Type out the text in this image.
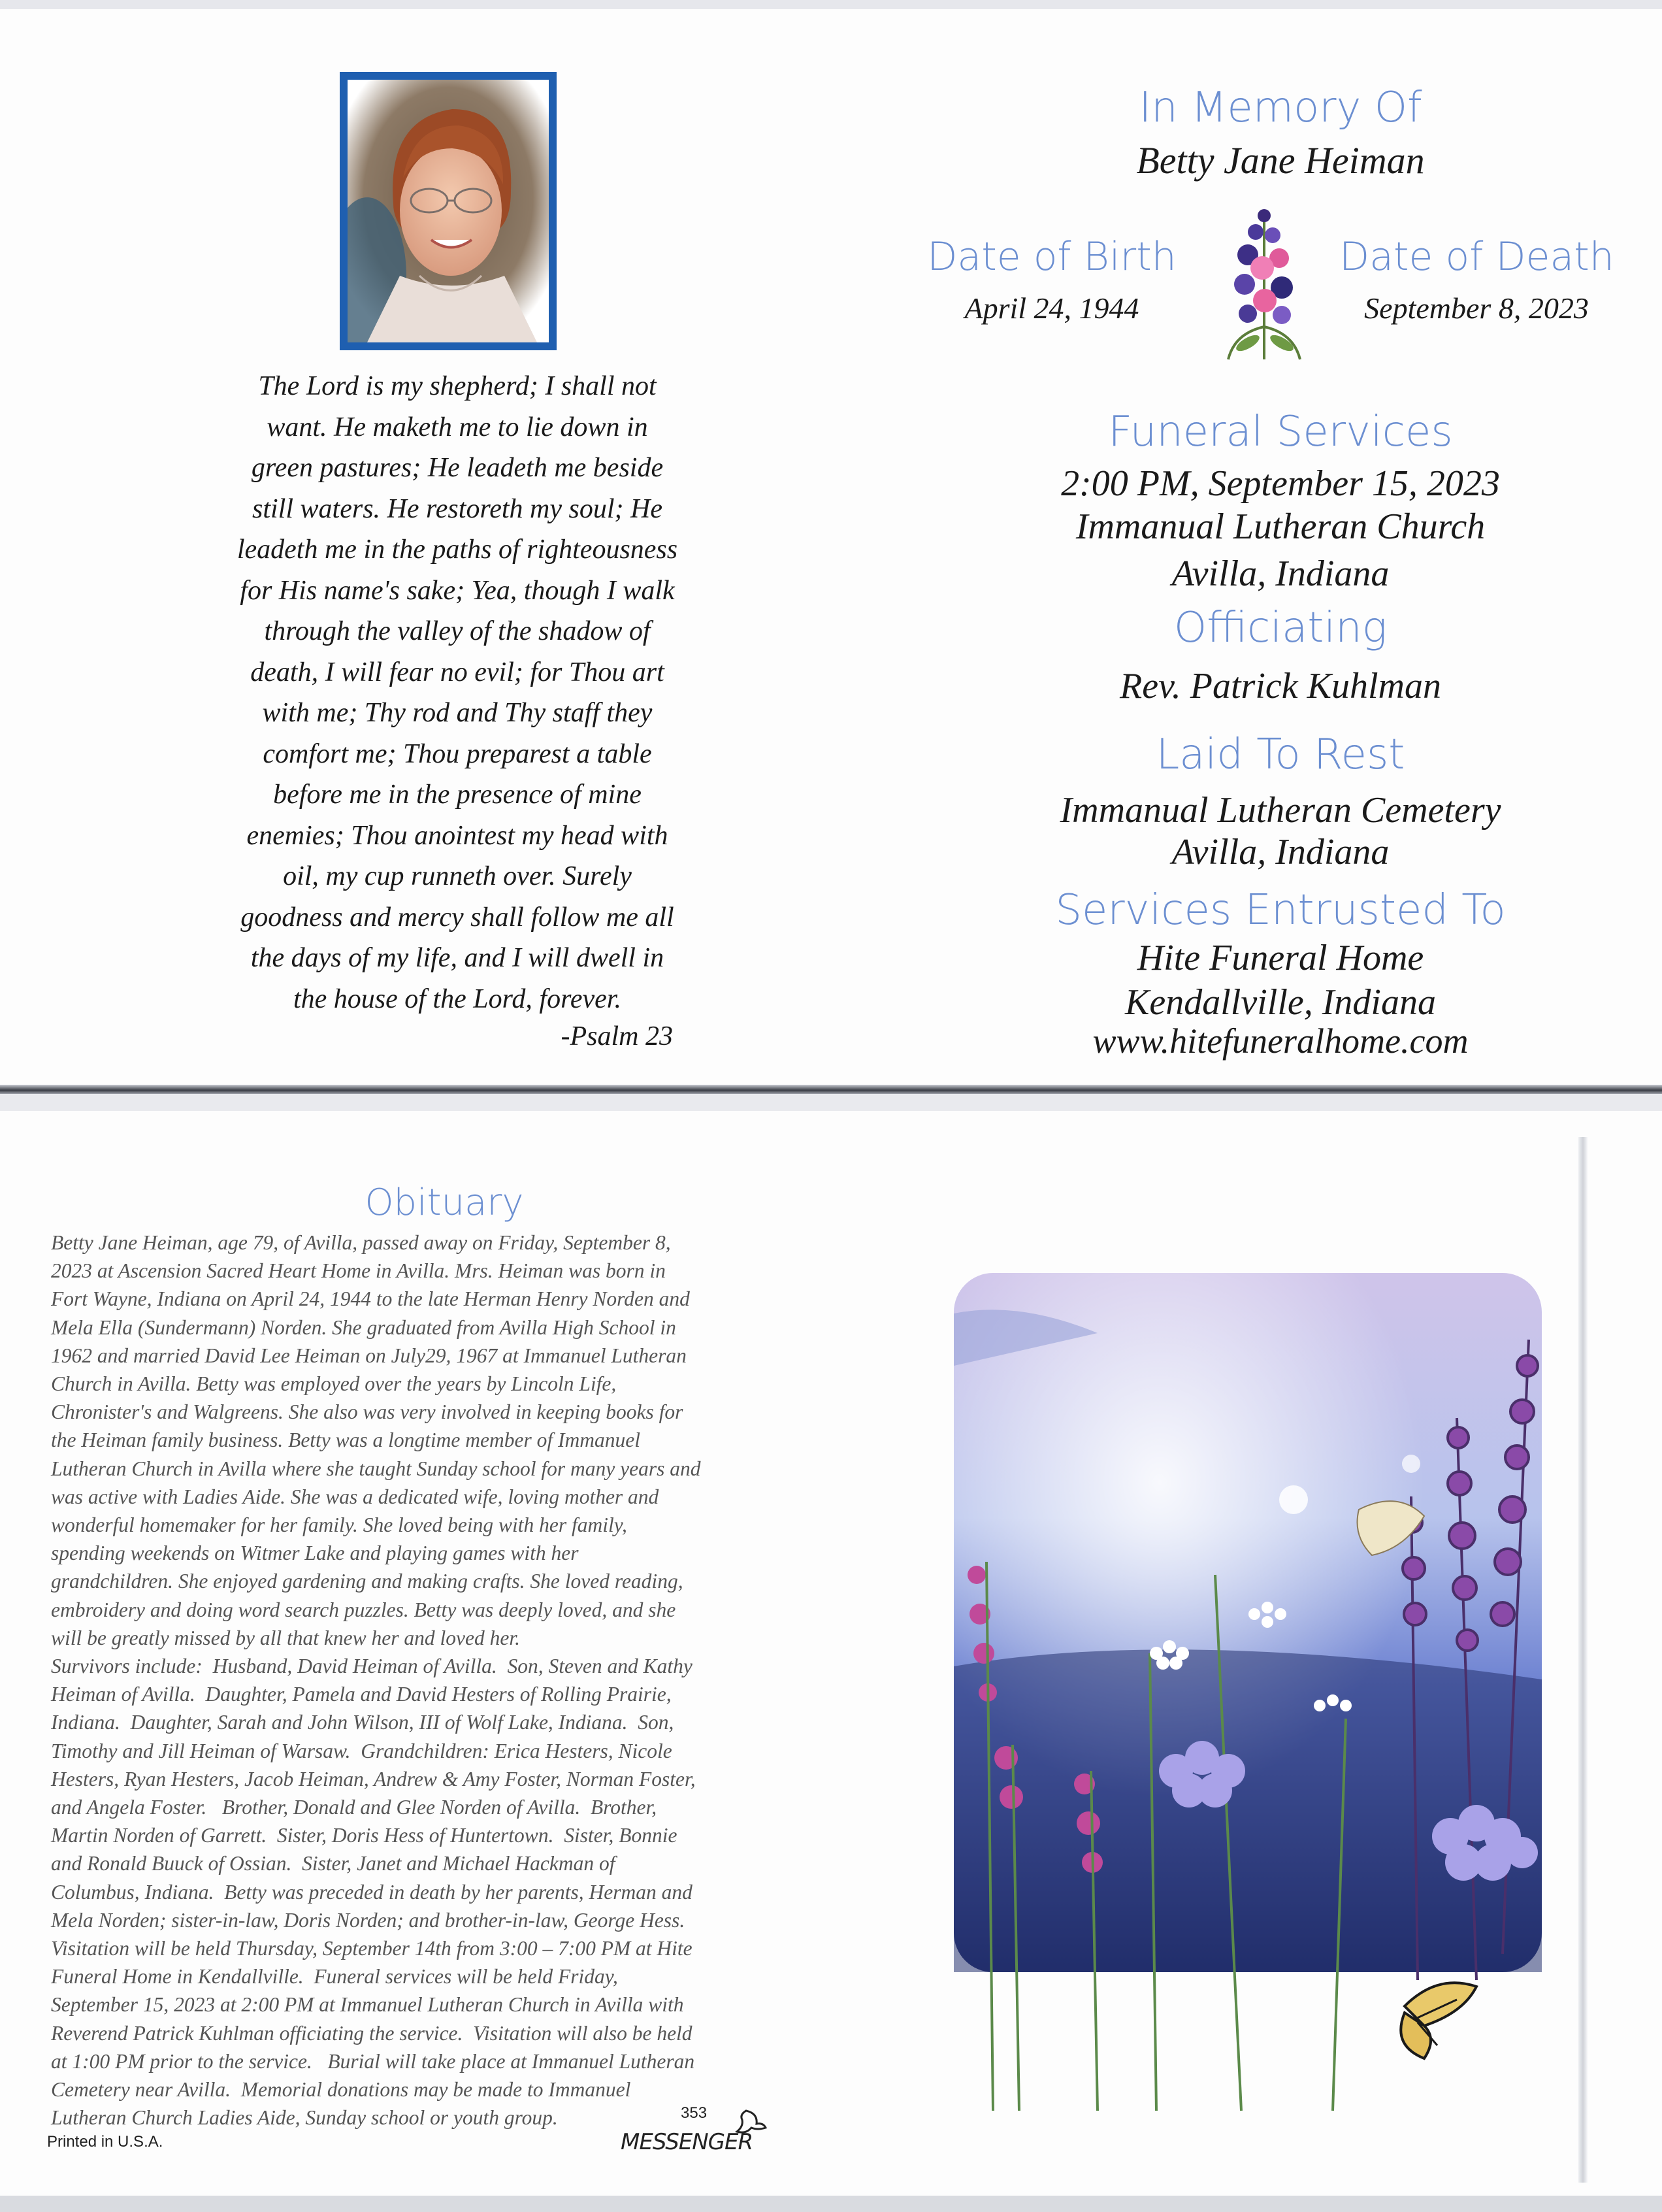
The Lord is my shepherd; I shall not
want. He maketh me to lie down in
green pastures; He leadeth me beside
still waters. He restoreth my soul; He
leadeth me in the paths of righteousness
for His name's sake; Yea, though I walk
through the valley of the shadow of
death, I will fear no evil; for Thou art
with me; Thy rod and Thy staff they
comfort me; Thou preparest a table
before me in the presence of mine
enemies; Thou anointest my head with
oil, my cup runneth over. Surely
goodness and mercy shall follow me all
the days of my life, and I will dwell in
the house of the Lord, forever.
-Psalm 23
In Memory Of
Betty Jane Heiman
Date of Birth
April 24, 1944
Date of Death
September 8, 2023
Funeral Services
2:00 PM, September 15, 2023
Immanual Lutheran Church
Avilla, Indiana
Officiating
Rev. Patrick Kuhlman
Laid To Rest
Immanual Lutheran Cemetery
Avilla, Indiana
Services Entrusted To
Hite Funeral Home
Kendallville, Indiana
www.hitefuneralhome.com
Obituary
Betty Jane Heiman, age 79, of Avilla, passed away on Friday, September 8,
2023 at Ascension Sacred Heart Home in Avilla. Mrs. Heiman was born in
Fort Wayne, Indiana on April 24, 1944 to the late Herman Henry Norden and
Mela Ella (Sundermann) Norden. She graduated from Avilla High School in
1962 and married David Lee Heiman on July29, 1967 at Immanuel Lutheran
Church in Avilla. Betty was employed over the years by Lincoln Life,
Chronister's and Walgreens. She also was very involved in keeping books for
the Heiman family business. Betty was a longtime member of Immanuel
Lutheran Church in Avilla where she taught Sunday school for many years and
was active with Ladies Aide. She was a dedicated wife, loving mother and
wonderful homemaker for her family. She loved being with her family,
spending weekends on Witmer Lake and playing games with her
grandchildren. She enjoyed gardening and making crafts. She loved reading,
embroidery and doing word search puzzles. Betty was deeply loved, and she
will be greatly missed by all that knew her and loved her.
Survivors include:  Husband, David Heiman of Avilla.  Son, Steven and Kathy
Heiman of Avilla.  Daughter, Pamela and David Hesters of Rolling Prairie,
Indiana.  Daughter, Sarah and John Wilson, III of Wolf Lake, Indiana.  Son,
Timothy and Jill Heiman of Warsaw.  Grandchildren: Erica Hesters, Nicole
Hesters, Ryan Hesters, Jacob Heiman, Andrew & Amy Foster, Norman Foster,
and Angela Foster.   Brother, Donald and Glee Norden of Avilla.  Brother,
Martin Norden of Garrett.  Sister, Doris Hess of Huntertown.  Sister, Bonnie
and Ronald Buuck of Ossian.  Sister, Janet and Michael Hackman of
Columbus, Indiana.  Betty was preceded in death by her parents, Herman and
Mela Norden; sister-in-law, Doris Norden; and brother-in-law, George Hess.
Visitation will be held Thursday, September 14th from 3:00 – 7:00 PM at Hite
Funeral Home in Kendallville.  Funeral services will be held Friday,
September 15, 2023 at 2:00 PM at Immanuel Lutheran Church in Avilla with
Reverend Patrick Kuhlman officiating the service.  Visitation will also be held
at 1:00 PM prior to the service.   Burial will take place at Immanuel Lutheran
Cemetery near Avilla.  Memorial donations may be made to Immanuel
Lutheran Church Ladies Aide, Sunday school or youth group.	353
MESSENGER
Printed in U.S.A.
